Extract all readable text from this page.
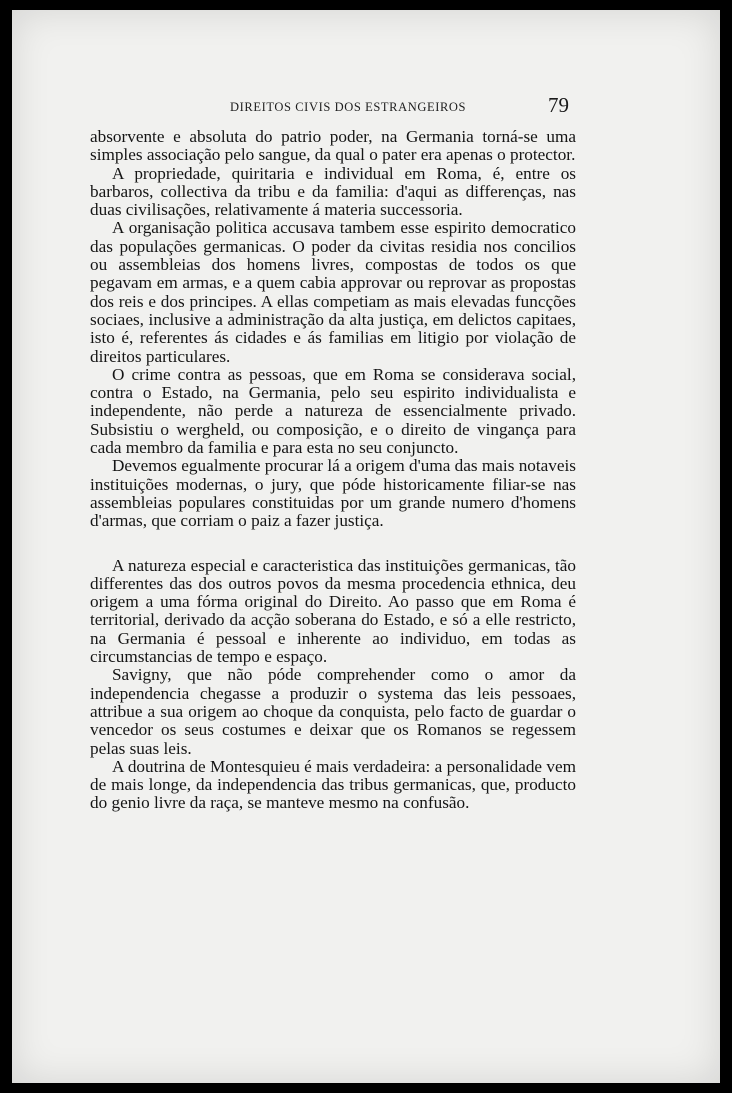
DIREITOS CIVIS DOS ESTRANGEIROS	79

absorvente e absoluta do patrio poder, na Germania torná-se uma simples associação pelo sangue, da qual o pater era apenas o protector.

A propriedade, quiritaria e individual em Roma, é, entre os barbaros, collectiva da tribu e da familia: d'aqui as differenças, nas duas civilisações, relativamente á materia successoria.

A organisação politica accusava tambem esse espirito democratico das populações germanicas. O poder da civitas residia nos concilios ou assembleias dos homens livres, compostas de todos os que pegavam em armas, e a quem cabia approvar ou reprovar as propostas dos reis e dos principes. A ellas competiam as mais elevadas funcções sociaes, inclusive a administração da alta justiça, em delictos capitaes, isto é, referentes ás cidades e ás familias em litigio por violação de direitos particulares.

O crime contra as pessoas, que em Roma se considerava social, contra o Estado, na Germania, pelo seu espirito individualista e independente, não perde a natureza de essencialmente privado. Subsistiu o wergheld, ou composição, e o direito de vingança para cada membro da familia e para esta no seu conjuncto.

Devemos egualmente procurar lá a origem d'uma das mais notaveis instituições modernas, o jury, que póde historicamente filiar-se nas assembleias populares constituidas por um grande numero d'homens d'armas, que corriam o paiz a fazer justiça.

A natureza especial e caracteristica das instituições germanicas, tão differentes das dos outros povos da mesma procedencia ethnica, deu origem a uma fórma original do Direito. Ao passo que em Roma é territorial, derivado da acção soberana do Estado, e só a elle restricto, na Germania é pessoal e inherente ao individuo, em todas as circumstancias de tempo e espaço.

Savigny, que não póde comprehender como o amor da independencia chegasse a produzir o systema das leis pessoaes, attribue a sua origem ao choque da conquista, pelo facto de guardar o vencedor os seus costumes e deixar que os Romanos se regessem pelas suas leis.

A doutrina de Montesquieu é mais verdadeira: a personalidade vem de mais longe, da independencia das tribus germanicas, que, producto do genio livre da raça, se manteve mesmo na confusão.
